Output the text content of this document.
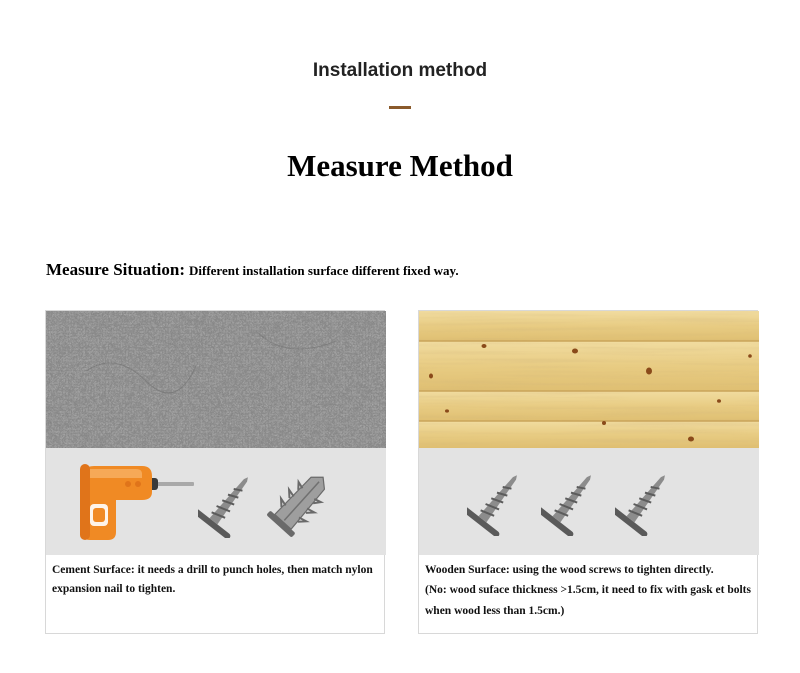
Installation method
Measure Method
Measure Situation: Different installation surface different fixed way.

Cement Surface: it needs a drill to punch holes, then match nylon expansion nail to tighten.

Wooden Surface: using the wood screws to tighten directly.

(No: wood suface thickness >1.5cm, it need to fix with gask et bolts when wood less than 1.5cm.)
